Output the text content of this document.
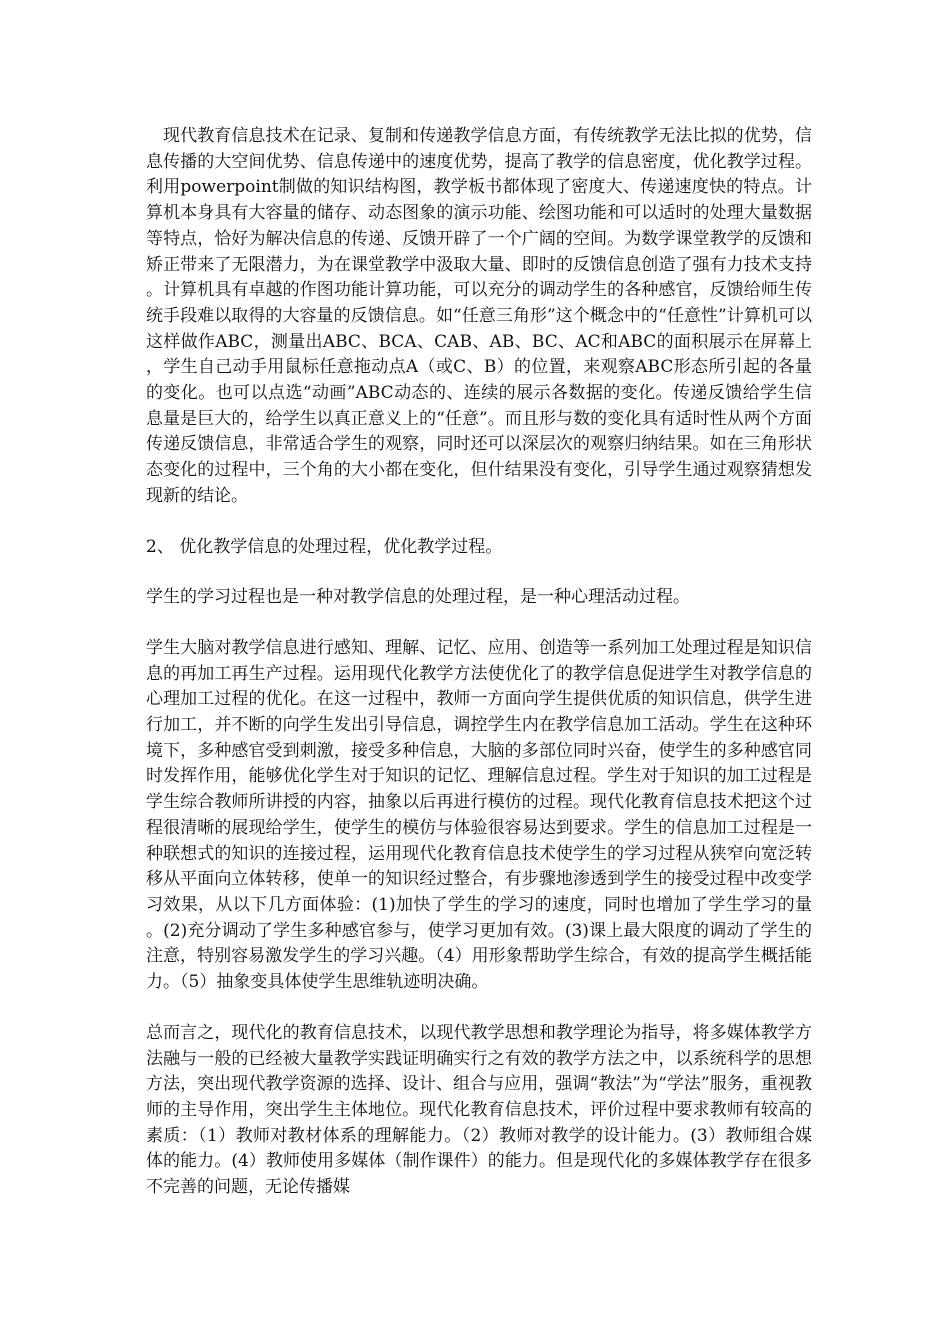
现代教育信息技术在记录、复制和传递教学信息方面，有传统教学无法比拟的优势，信息传播的大空间优势、信息传递中的速度优势，提高了教学的信息密度，优化教学过程。利用powerpoint制做的知识结构图，教学板书都体现了密度大、传递速度快的特点。计算机本身具有大容量的储存、动态图象的演示功能、绘图功能和可以适时的处理大量数据等特点，恰好为解决信息的传递、反馈开辟了一个广阔的空间。为数学课堂教学的反馈和矫正带来了无限潜力，为在课堂教学中汲取大量、即时的反馈信息创造了强有力技术支持。计算机具有卓越的作图功能计算功能，可以充分的调动学生的各种感官，反馈给师生传统手段难以取得的大容量的反馈信息。如“任意三角形”这个概念中的“任意性”计算机可以这样做作ABC，测量出ABC、BCA、CAB、AB、BC、AC和ABC的面积展示在屏幕上，学生自己动手用鼠标任意拖动点A（或C、B）的位置，来观察ABC形态所引起的各量的变化。也可以点选“动画”ABC动态的、连续的展示各数据的变化。传递反馈给学生信息量是巨大的，给学生以真正意义上的“任意”。而且形与数的变化具有适时性从两个方面传递反馈信息，非常适合学生的观察，同时还可以深层次的观察归纳结果。如在三角形状态变化的过程中，三个角的大小都在变化，但什结果没有变化，引导学生通过观察猜想发现新的结论。

2、 优化教学信息的处理过程，优化教学过程。

学生的学习过程也是一种对教学信息的处理过程，是一种心理活动过程。

学生大脑对教学信息进行感知、理解、记忆、应用、创造等一系列加工处理过程是知识信息的再加工再生产过程。运用现代化教学方法使优化了的教学信息促进学生对教学信息的心理加工过程的优化。在这一过程中，教师一方面向学生提供优质的知识信息，供学生进行加工，并不断的向学生发出引导信息，调控学生内在教学信息加工活动。学生在这种环境下，多种感官受到刺激，接受多种信息，大脑的多部位同时兴奋，使学生的多种感官同时发挥作用，能够优化学生对于知识的记忆、理解信息过程。学生对于知识的加工过程是学生综合教师所讲授的内容，抽象以后再进行模仿的过程。现代化教育信息技术把这个过程很清晰的展现给学生，使学生的模仿与体验很容易达到要求。学生的信息加工过程是一种联想式的知识的连接过程，运用现代化教育信息技术使学生的学习过程从狭窄向宽泛转移从平面向立体转移，使单一的知识经过整合，有步骤地渗透到学生的接受过程中改变学习效果，从以下几方面体验：(1)加快了学生的学习的速度，同时也增加了学生学习的量。(2)充分调动了学生多种感官参与，使学习更加有效。(3)课上最大限度的调动了学生的注意，特别容易激发学生的学习兴趣。（4）用形象帮助学生综合，有效的提高学生概括能力。（5）抽象变具体使学生思维轨迹明决确。

总而言之，现代化的教育信息技术，以现代教学思想和教学理论为指导，将多媒体教学方法融与一般的已经被大量教学实践证明确实行之有效的教学方法之中，以系统科学的思想方法，突出现代教学资源的选择、设计、组合与应用，强调“教法”为“学法”服务，重视教师的主导作用，突出学生主体地位。现代化教育信息技术，评价过程中要求教师有较高的素质：（1）教师对教材体系的理解能力。（2）教师对教学的设计能力。(3）教师组合媒体的能力。(4）教师使用多媒体（制作课件）的能力。但是现代化的多媒体教学存在很多不完善的问题，无论传播媒
